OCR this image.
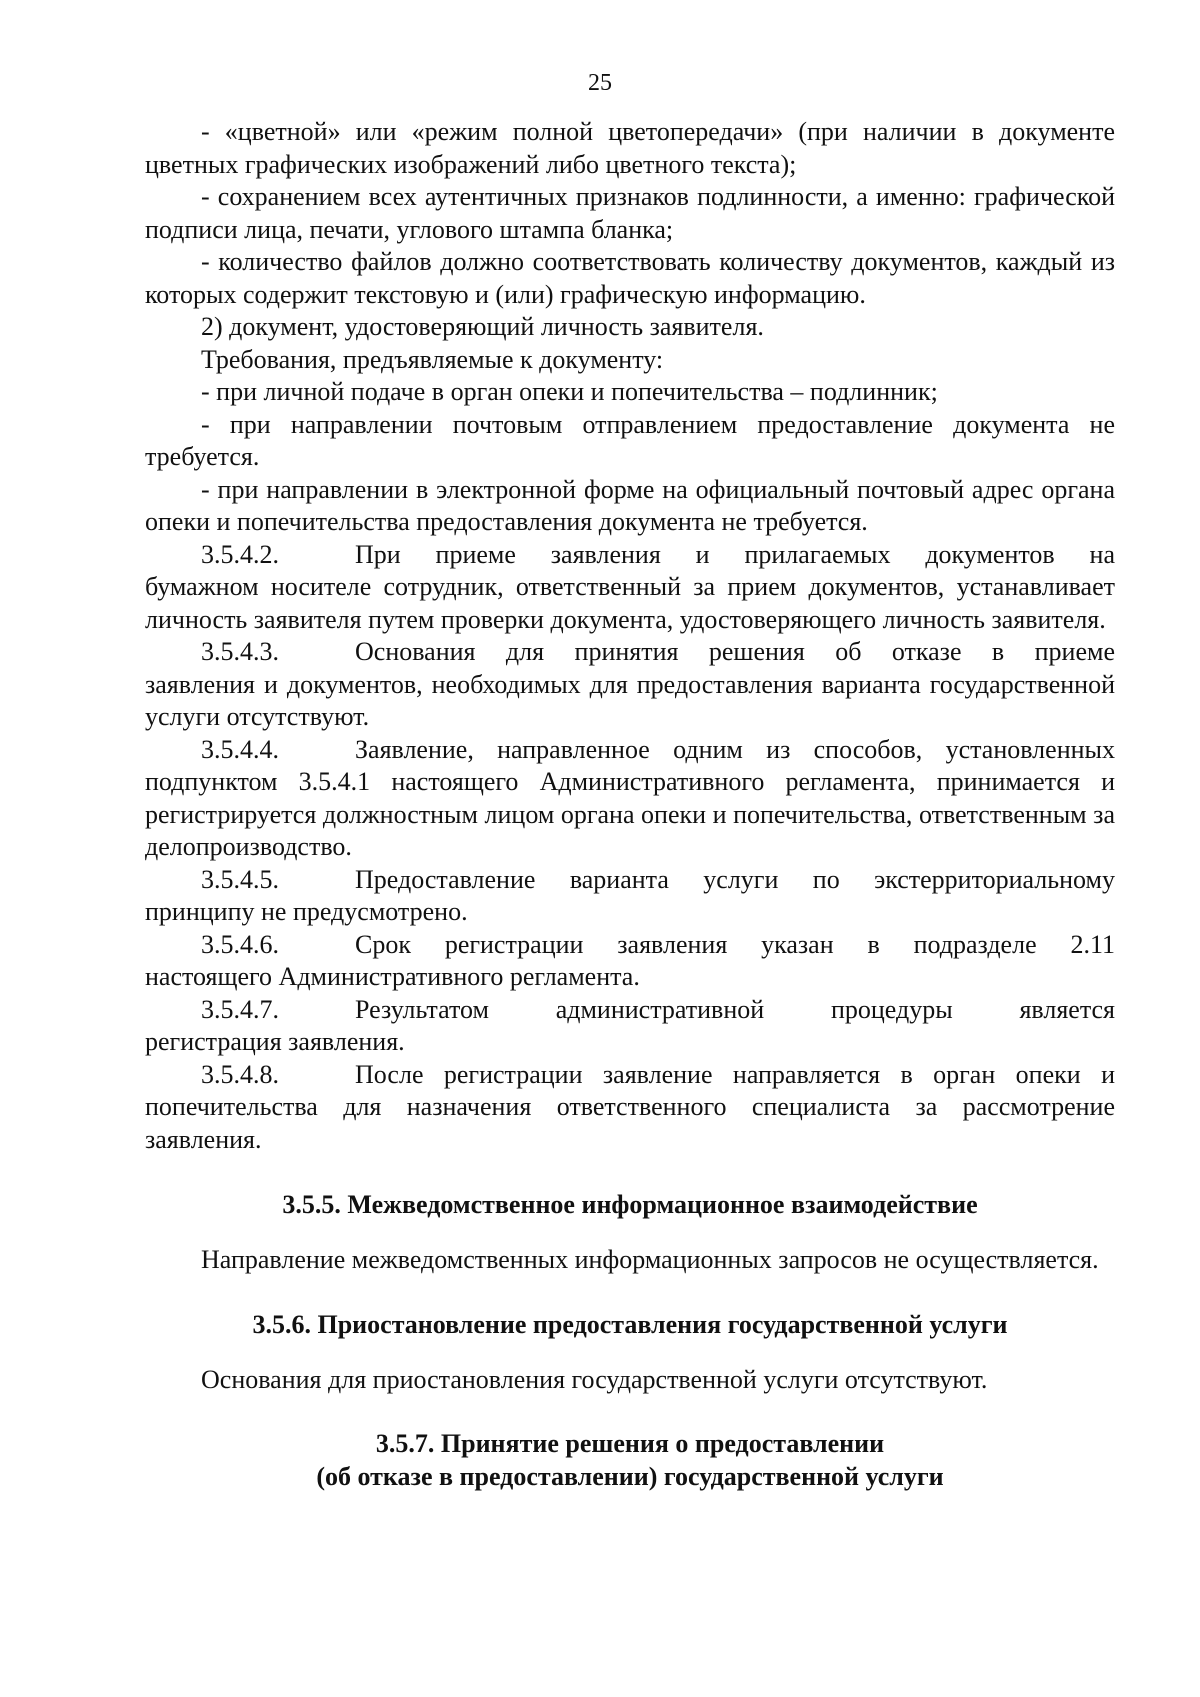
25

- «цветной» или «режим полной цветопередачи» (при наличии в документе цветных графических изображений либо цветного текста);

- сохранением всех аутентичных признаков подлинности, а именно: графической подписи лица, печати, углового штампа бланка;

- количество файлов должно соответствовать количеству документов, каждый из которых содержит текстовую и (или) графическую информацию.

2) документ, удостоверяющий личность заявителя.

Требования, предъявляемые к документу:

- при личной подаче в орган опеки и попечительства – подлинник;

- при направлении почтовым отправлением предоставление документа не требуется.

- при направлении в электронной форме на официальный почтовый адрес органа опеки и попечительства предоставления документа не требуется.

3.5.4.2.	При приеме заявления и прилагаемых документов на
бумажном носителе сотрудник, ответственный за прием документов, устанавливает личность заявителя путем проверки документа, удостоверяющего личность заявителя.
3.5.4.3.	Основания для принятия решения об отказе в приеме
заявления и документов, необходимых для предоставления варианта государственной услуги отсутствуют.
3.5.4.4.	Заявление, направленное одним из способов, установленных
подпунктом 3.5.4.1 настоящего Административного регламента, принимается и регистрируется должностным лицом органа опеки и попечительства, ответственным за делопроизводство.
3.5.4.5.	Предоставление варианта услуги по экстерриториальному
принципу не предусмотрено.
3.5.4.6.	Срок регистрации заявления указан в подразделе 2.11
настоящего Административного регламента.
3.5.4.7.	Результатом административной процедуры является
регистрация заявления.
3.5.4.8.	После регистрации заявление направляется в орган опеки и
попечительства для назначения ответственного специалиста за рассмотрение заявления.

3.5.5. Межведомственное информационное взаимодействие

Направление межведомственных информационных запросов не осуществляется.

3.5.6. Приостановление предоставления государственной услуги

Основания для приостановления государственной услуги отсутствуют.

3.5.7. Принятие решения о предоставлении
(об отказе в предоставлении) государственной услуги
